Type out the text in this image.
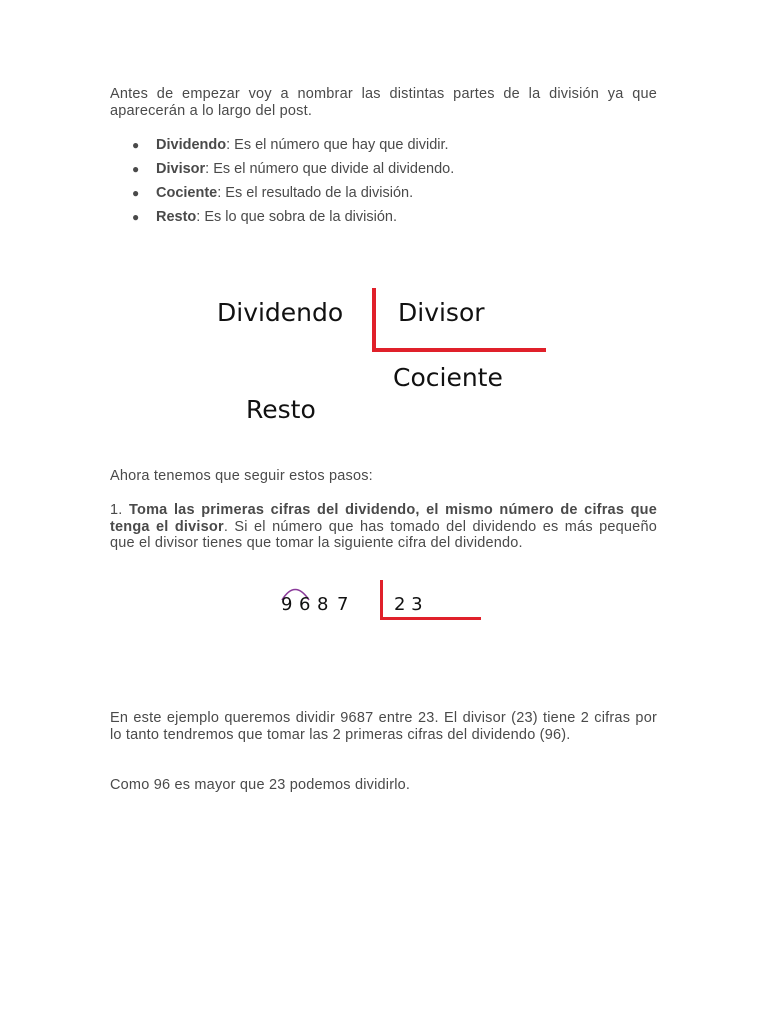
Antes de empezar voy a nombrar las distintas partes de la división ya que aparecerán a lo largo del post.

● Dividendo: Es el número que hay que dividir.
● Divisor: Es el número que divide al dividendo.
● Cociente: Es el resultado de la división.
● Resto: Es lo que sobra de la división.
Dividendo Divisor
Cociente
Resto

Ahora tenemos que seguir estos pasos:

1. Toma las primeras cifras del dividendo, el mismo número de cifras que tenga el divisor. Si el número que has tomado del dividendo es más pequeño que el divisor tienes que tomar la siguiente cifra del dividendo.

9 6 8 7	2 3

En este ejemplo queremos dividir 9687 entre 23. El divisor (23) tiene 2 cifras por lo tanto tendremos que tomar las 2 primeras cifras del dividendo (96).

Como 96 es mayor que 23 podemos dividirlo.
